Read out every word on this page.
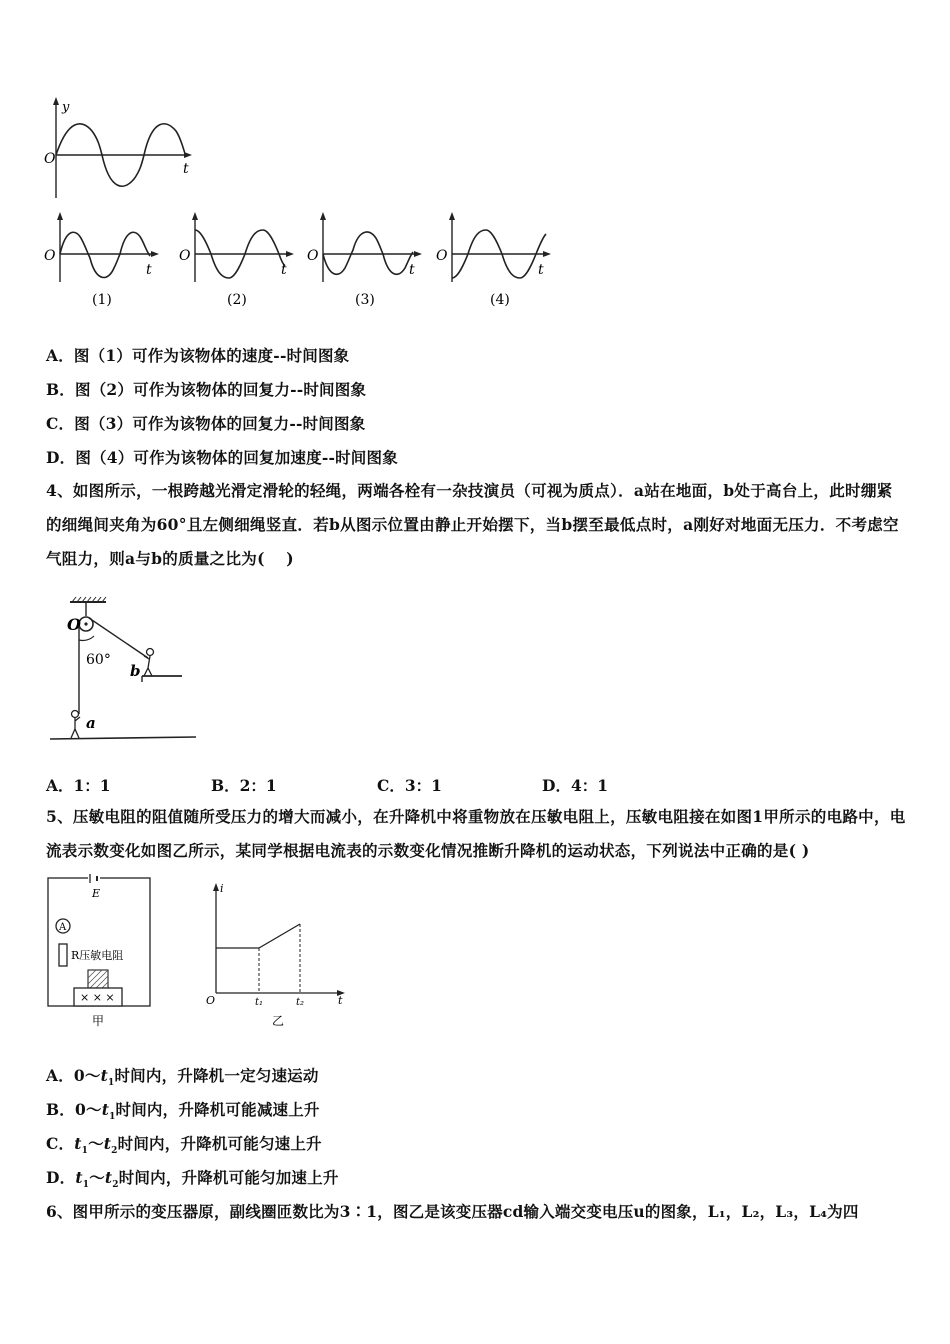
y
O
t
O
t
(1)
O
t
(2)
O
t
(3)
O
t
(4)
A．图（1）可作为该物体的速度--时间图象
B．图（2）可作为该物体的回复力--时间图象
C．图（3）可作为该物体的回复力--时间图象
D．图（4）可作为该物体的回复加速度--时间图象
4、如图所示，一根跨越光滑定滑轮的轻绳，两端各栓有一杂技演员（可视为质点）．a站在地面，b处于高台上，此时绷紧的细绳间夹角为60°且左侧细绳竖直．若b从图示位置由静止开始摆下，当b摆至最低点时，a刚好对地面无压力．不考虑空气阻力，则a与b的质量之比为(　 )
O
60°
b
a
A．1：1	B．2：1	C．3：1	D．4：1
5、压敏电阻的阻值随所受压力的增大而减小，在升降机中将重物放在压敏电阻上，压敏电阻接在如图1甲所示的电路中，电流表示数变化如图乙所示，某同学根据电流表的示数变化情况推断升降机的运动状态，下列说法中正确的是( )
E
A
R压敏电阻
× × ×
甲
i
O	t₁	t₂	t
乙
A．$0\sim t_1$时间内，升降机一定匀速运动
B．$0\sim t_1$时间内，升降机可能减速上升
C．$t_1\sim t_2$时间内，升降机可能匀速上升
D．$t_1\sim t_2$时间内，升降机可能匀加速上升
6、图甲所示的变压器原，副线圈匝数比为3∶1，图乙是该变压器cd输入端交变电压u的图象，L₁，L₂，L₃，L₄为四
